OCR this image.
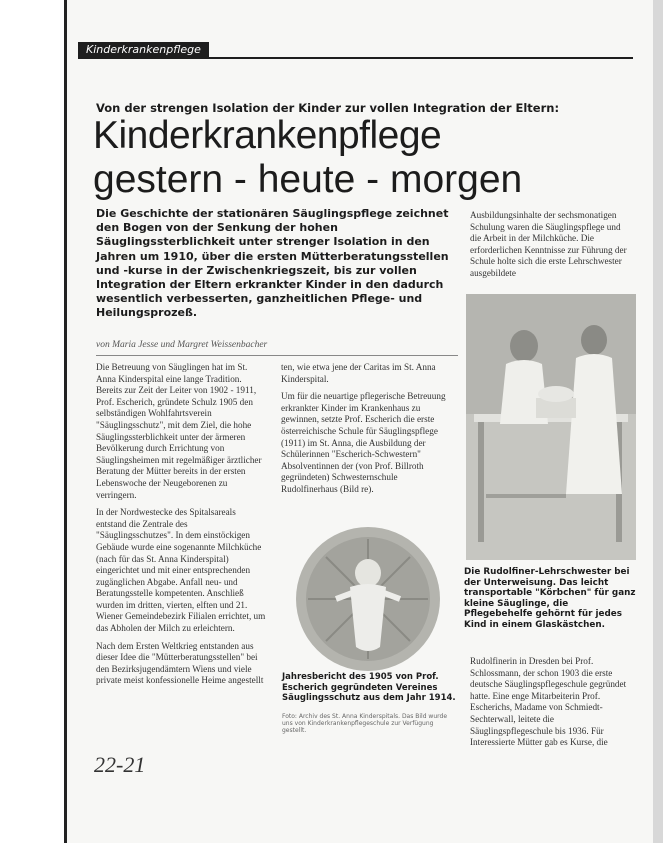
Kinderkrankenpflege
Von der strengen Isolation der Kinder zur vollen Integration der Eltern:
Kinderkrankenpflege
gestern - heute - morgen
Die Geschichte der stationären Säuglingspflege zeichnet den Bogen von der Senkung der hohen Säuglingssterblichkeit unter strenger Isolation in den Jahren um 1910, über die ersten Mütterberatungsstellen und -kurse in der Zwischenkriegszeit, bis zur vollen Integration der Eltern erkrankter Kinder in den dadurch wesentlich verbesserten, ganzheitlichen Pflege- und Heilungsprozeß.
von Maria Jesse und Margret Weissenbacher

Die Betreuung von Säuglingen hat im St. Anna Kinderspital eine lange Tradition. Bereits zur Zeit der Leiter von 1902 - 1911, Prof. Escherich, gründete Schulz 1905 den selbständigen Wohlfahrtsverein "Säuglingsschutz", mit dem Ziel, die hohe Säuglingssterblichkeit unter der ärmeren Bevölkerung durch Errichtung von Säuglingsheimen mit regelmäßiger ärztlicher Beratung der Mütter bereits in der ersten Lebenswoche der Neugeborenen zu verringern.

In der Nordwestecke des Spitalsareals entstand die Zentrale des "Säuglingsschutzes". In dem einstöckigen Gebäude wurde eine sogenannte Milchküche (nach für das St. Anna Kinderspital) eingerichtet und mit einer entsprechenden zugänglichen Abgabe. Anfall neu- und Beratungsstelle kompetenten. Anschließ wurden im dritten, vierten, elften und 21. Wiener Gemeindebezirk Filialen errichtet, um das Abholen der Milch zu erleichtern.

Nach dem Ersten Weltkrieg entstanden aus dieser Idee die "Mütterberatungsstellen" bei den Bezirksjugendämtern Wiens und viele private meist konfessionelle Heime angestellt

ten, wie etwa jene der Caritas im St. Anna Kinderspital.

Um für die neuartige pflegerische Betreuung erkrankter Kinder im Krankenhaus zu gewinnen, setzte Prof. Escherich die erste österreichische Schule für Säuglingspflege (1911) im St. Anna, die Ausbildung der Schülerinnen "Escherich-Schwestern" Absolventinnen der (von Prof. Billroth gegründeten) Schwesternschule Rudolfinerhaus (Bild re).

Ausbildungsinhalte der sechsmonatigen Schulung waren die Säuglingspflege und die Arbeit in der Milchküche. Die erforderlichen Kenntnisse zur Führung der Schule holte sich die erste Lehrschwester ausgebildete

Die Rudolfiner-Lehrschwester bei der Unterweisung. Das leicht transportable "Körbchen" für ganz kleine Säuglinge, die Pflegebehelfe gehörnt für jedes Kind in einem Glaskästchen.
Jahresbericht des 1905 von Prof. Escherich gegründeten Vereines Säuglingsschutz aus dem Jahr 1914.
Foto: Archiv des St. Anna Kinderspitals. Das Bild wurde uns von Kinderkrankenpflegeschule zur Verfügung gestellt.

Rudolfinerin in Dresden bei Prof. Schlossmann, der schon 1903 die erste deutsche Säuglingspflegeschule gegründet hatte. Eine enge Mitarbeiterin Prof. Escherichs, Madame von Schmiedt-Sechterwall, leitete die Säuglingspflegeschule bis 1936. Für Interessierte Mütter gab es Kurse, die

22-21
